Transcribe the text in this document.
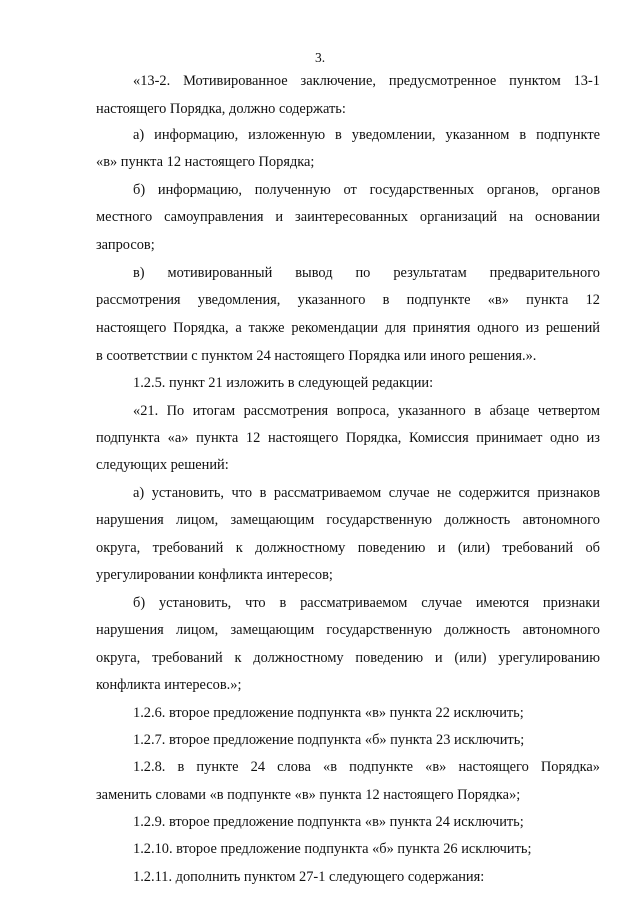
3.
«13-2. Мотивированное заключение, предусмотренное пунктом 13-1
настоящего Порядка, должно содержать:
а) информацию, изложенную в уведомлении, указанном в подпункте
«в» пункта 12 настоящего Порядка;
б) информацию, полученную от государственных органов, органов
местного самоуправления и заинтересованных организаций на основании
запросов;
в) мотивированный вывод по результатам предварительного
рассмотрения уведомления, указанного в подпункте «в» пункта 12
настоящего Порядка, а также рекомендации для принятия одного из решений
в соответствии с пунктом 24 настоящего Порядка или иного решения.».
1.2.5. пункт 21 изложить в следующей редакции:
«21. По итогам рассмотрения вопроса, указанного в абзаце четвертом
подпункта «а» пункта 12 настоящего Порядка, Комиссия принимает одно из
следующих решений:
а) установить, что в рассматриваемом случае не содержится признаков
нарушения лицом, замещающим государственную должность автономного
округа, требований к должностному поведению и (или) требований об
урегулировании конфликта интересов;
б) установить, что в рассматриваемом случае имеются признаки
нарушения лицом, замещающим государственную должность автономного
округа, требований к должностному поведению и (или) урегулированию
конфликта интересов.»;
1.2.6. второе предложение подпункта «в» пункта 22 исключить;
1.2.7. второе предложение подпункта «б» пункта 23 исключить;
1.2.8. в пункте 24 слова «в подпункте «в» настоящего Порядка»
заменить словами «в подпункте «в» пункта 12 настоящего Порядка»;
1.2.9. второе предложение подпункта «в» пункта 24 исключить;
1.2.10. второе предложение подпункта «б» пункта 26 исключить;
1.2.11. дополнить пунктом 27-1 следующего содержания:
